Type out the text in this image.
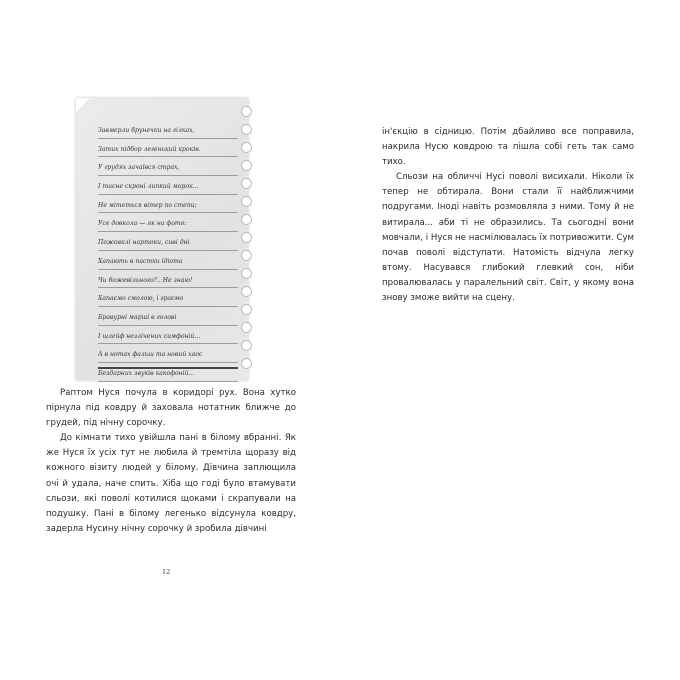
Завмерли брунечки на гілках,
Затих підбор легенький кроків.
У грудях зачаївся страх,
І тисне скроні липкий морок...
Не мітеться вітер по степи;
Усе довкола — як на фото:
Пожовклі нартоки, сиві дні
Хапають в пастки ідіота
Чи божевільного?.. Не знаю!
Хапаємо смолою, і граємо
Бравурні марші в голові
І шлейф незлічених симфоній...
А в нотах фальш та новий хаос
Бездарних звуків какофоній...

Раптом Нуся почула в коридорі рух. Вона хутко пірнула під ковдру й заховала нотатник ближче до грудей, під нічну сорочку.

До кімнати тихо увійшла пані в білому вбранні. Як же Нуся їх усіх тут не любила й тремтіла щоразу від кожного візиту людей у білому. Дівчина заплющила очі й удала, наче спить. Хіба що годі було втамувати сльози, які поволі котилися щоками і скрапували на подушку. Пані в білому легенько відсунула ковдру, задерла Нусину нічну сорочку й зробила дівчині

12

ін'єкцію в сідницю. Потім дбайливо все поправила, накрила Нусю ковдрою та пішла собі геть так само тихо.

Сльози на обличчі Нусі поволі висихали. Ніколи їх тепер не обтирала. Вони стали її найближчими подругами. Іноді навіть розмовляла з ними. Тому й не витирала... аби ті не образились. Та сьогодні вони мовчали, і Нуся не насмілювалась їх потривожити. Сум почав поволі відступати. Натомість відчула легку втому. Насувався глибокий глевкий сон, ніби провалювалась у паралельний світ. Світ, у якому вона знову зможе вийти на сцену.
